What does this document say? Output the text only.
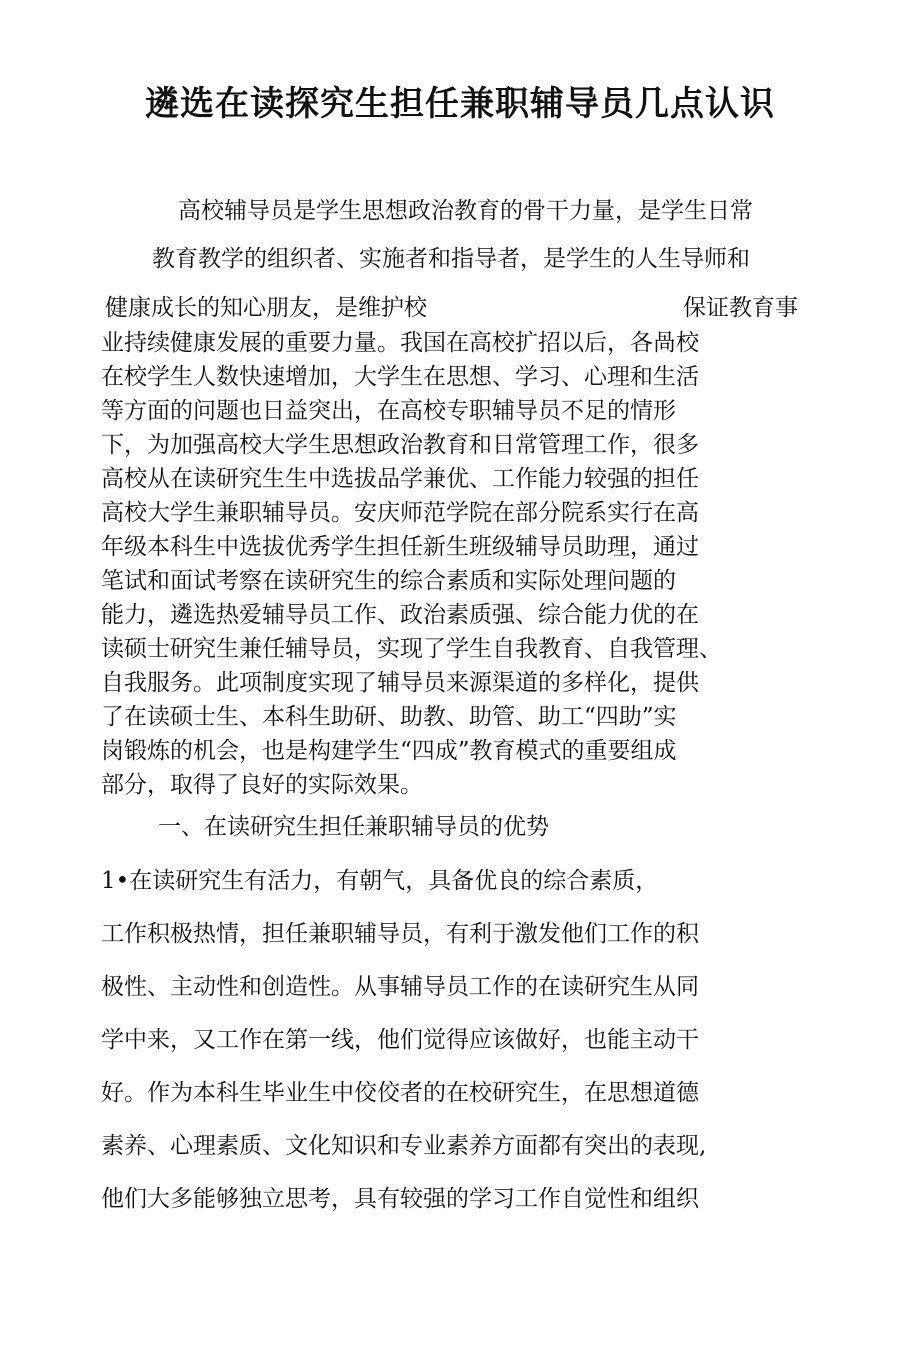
遴选在读探究生担任兼职辅导员几点认识
高校辅导员是学生思想政治教育的骨干力量，是学生日常
教育教学的组织者、实施者和指导者，是学生的人生导师和
健康成长的知心朋友，是维护校	保证教育事
业持续健康发展的重要力量。我国在高校扩招以后，各咼校
在校学生人数快速增加，大学生在思想、学习、心理和生活
等方面的问题也日益突出，在高校专职辅导员不足的情形
下，为加强高校大学生思想政治教育和日常管理工作，很多
高校从在读研究生生中选拔品学兼优、工作能力较强的担任
高校大学生兼职辅导员。安庆师范学院在部分院系实行在高
年级本科生中选拔优秀学生担任新生班级辅导员助理，通过
笔试和面试考察在读研究生的综合素质和实际处理问题的
能力，遴选热爱辅导员工作、政治素质强、综合能力优的在
读硕士研究生兼任辅导员，实现了学生自我教育、自我管理、
自我服务。此项制度实现了辅导员来源渠道的多样化，提供
了在读硕士生、本科生助研、助教、助管、助工“四助”实
岗锻炼的机会，也是构建学生“四成”教育模式的重要组成
部分，取得了良好的实际效果。
一、在读研究生担任兼职辅导员的优势
1•在读研究生有活力，有朝气，具备优良的综合素质，
工作积极热情，担任兼职辅导员，有利于激发他们工作的积
极性、主动性和创造性。从事辅导员工作的在读研究生从同
学中来，又工作在第一线，他们觉得应该做好，也能主动干
好。作为本科生毕业生中佼佼者的在校研究生，在思想道德
素养、心理素质、文化知识和专业素养方面都有突出的表现,
他们大多能够独立思考，具有较强的学习工作自觉性和组织
